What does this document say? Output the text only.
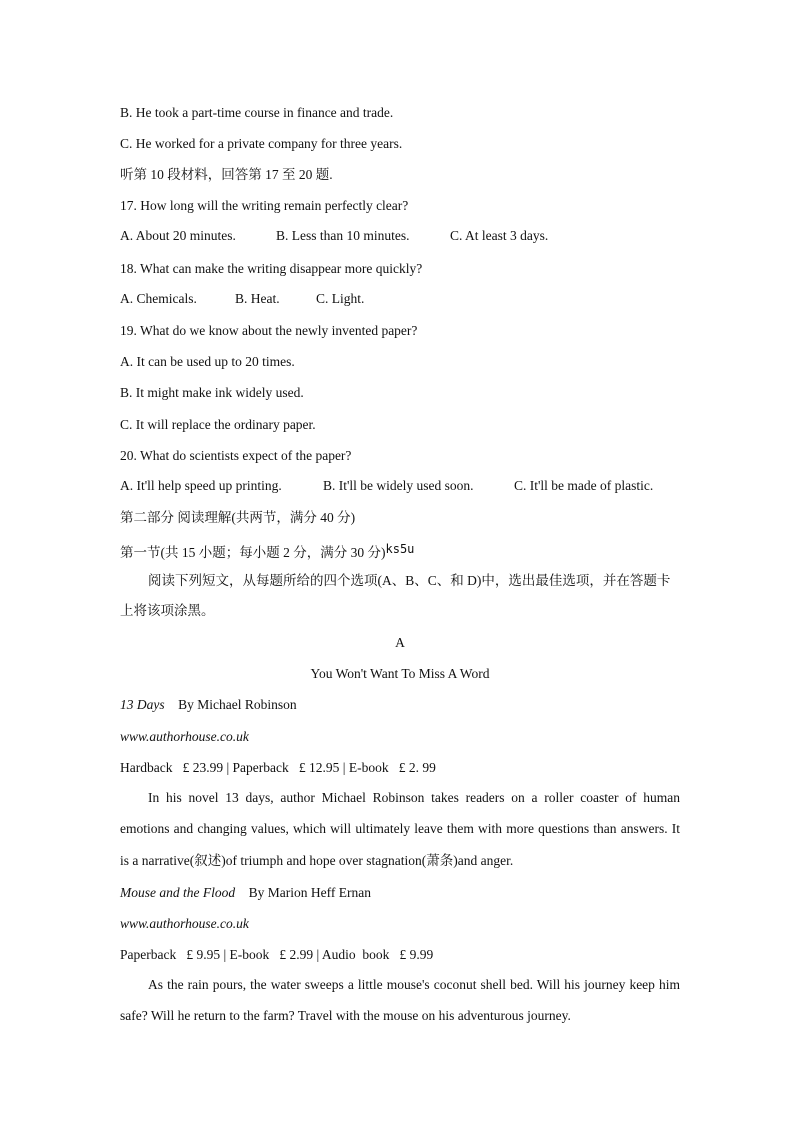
B. He took a part-time course in finance and trade.
C. He worked for a private company for three years.
听第 10 段材料，回答第 17 至 20 题.
17. How long will the writing remain perfectly clear?
A. About 20 minutes.	B. Less than 10 minutes.	C. At least 3 days.
18. What can make the writing disappear more quickly?
A. Chemicals.	B. Heat.	C. Light.
19. What do we know about the newly invented paper?
A. It can be used up to 20 times.
B. It might make ink widely used.
C. It will replace the ordinary paper.
20. What do scientists expect of the paper?
A. It'll help speed up printing.	B. It'll be widely used soon.	C. It'll be made of plastic.
第二部分 阅读理解(共两节，满分 40 分)
第一节(共 15 小题；每小题 2 分，满分 30 分)ks5u
阅读下列短文，从每题所给的四个选项(A、B、C、和 D)中，选出最佳选项，并在答题卡上将该项涂黑。
A
You Won't Want To Miss A Word
13 Days By Michael Robinson
www.authorhouse.co.uk
Hardback   £ 23.99 | Paperback   £ 12.95 | E-book   £ 2. 99
In his novel 13 days, author Michael Robinson takes readers on a roller coaster of human emotions and changing values, which will ultimately leave them with more questions than answers. It is a narrative(叙述)of triumph and hope over stagnation(萧条)and anger.
Mouse and the Flood By Marion Heff Ernan
www.authorhouse.co.uk
Paperback   £ 9.95 | E-book   £ 2.99 | Audio  book   £ 9.99
As the rain pours, the water sweeps a little mouse's coconut shell bed. Will his journey keep him safe? Will he return to the farm? Travel with the mouse on his adventurous journey.
